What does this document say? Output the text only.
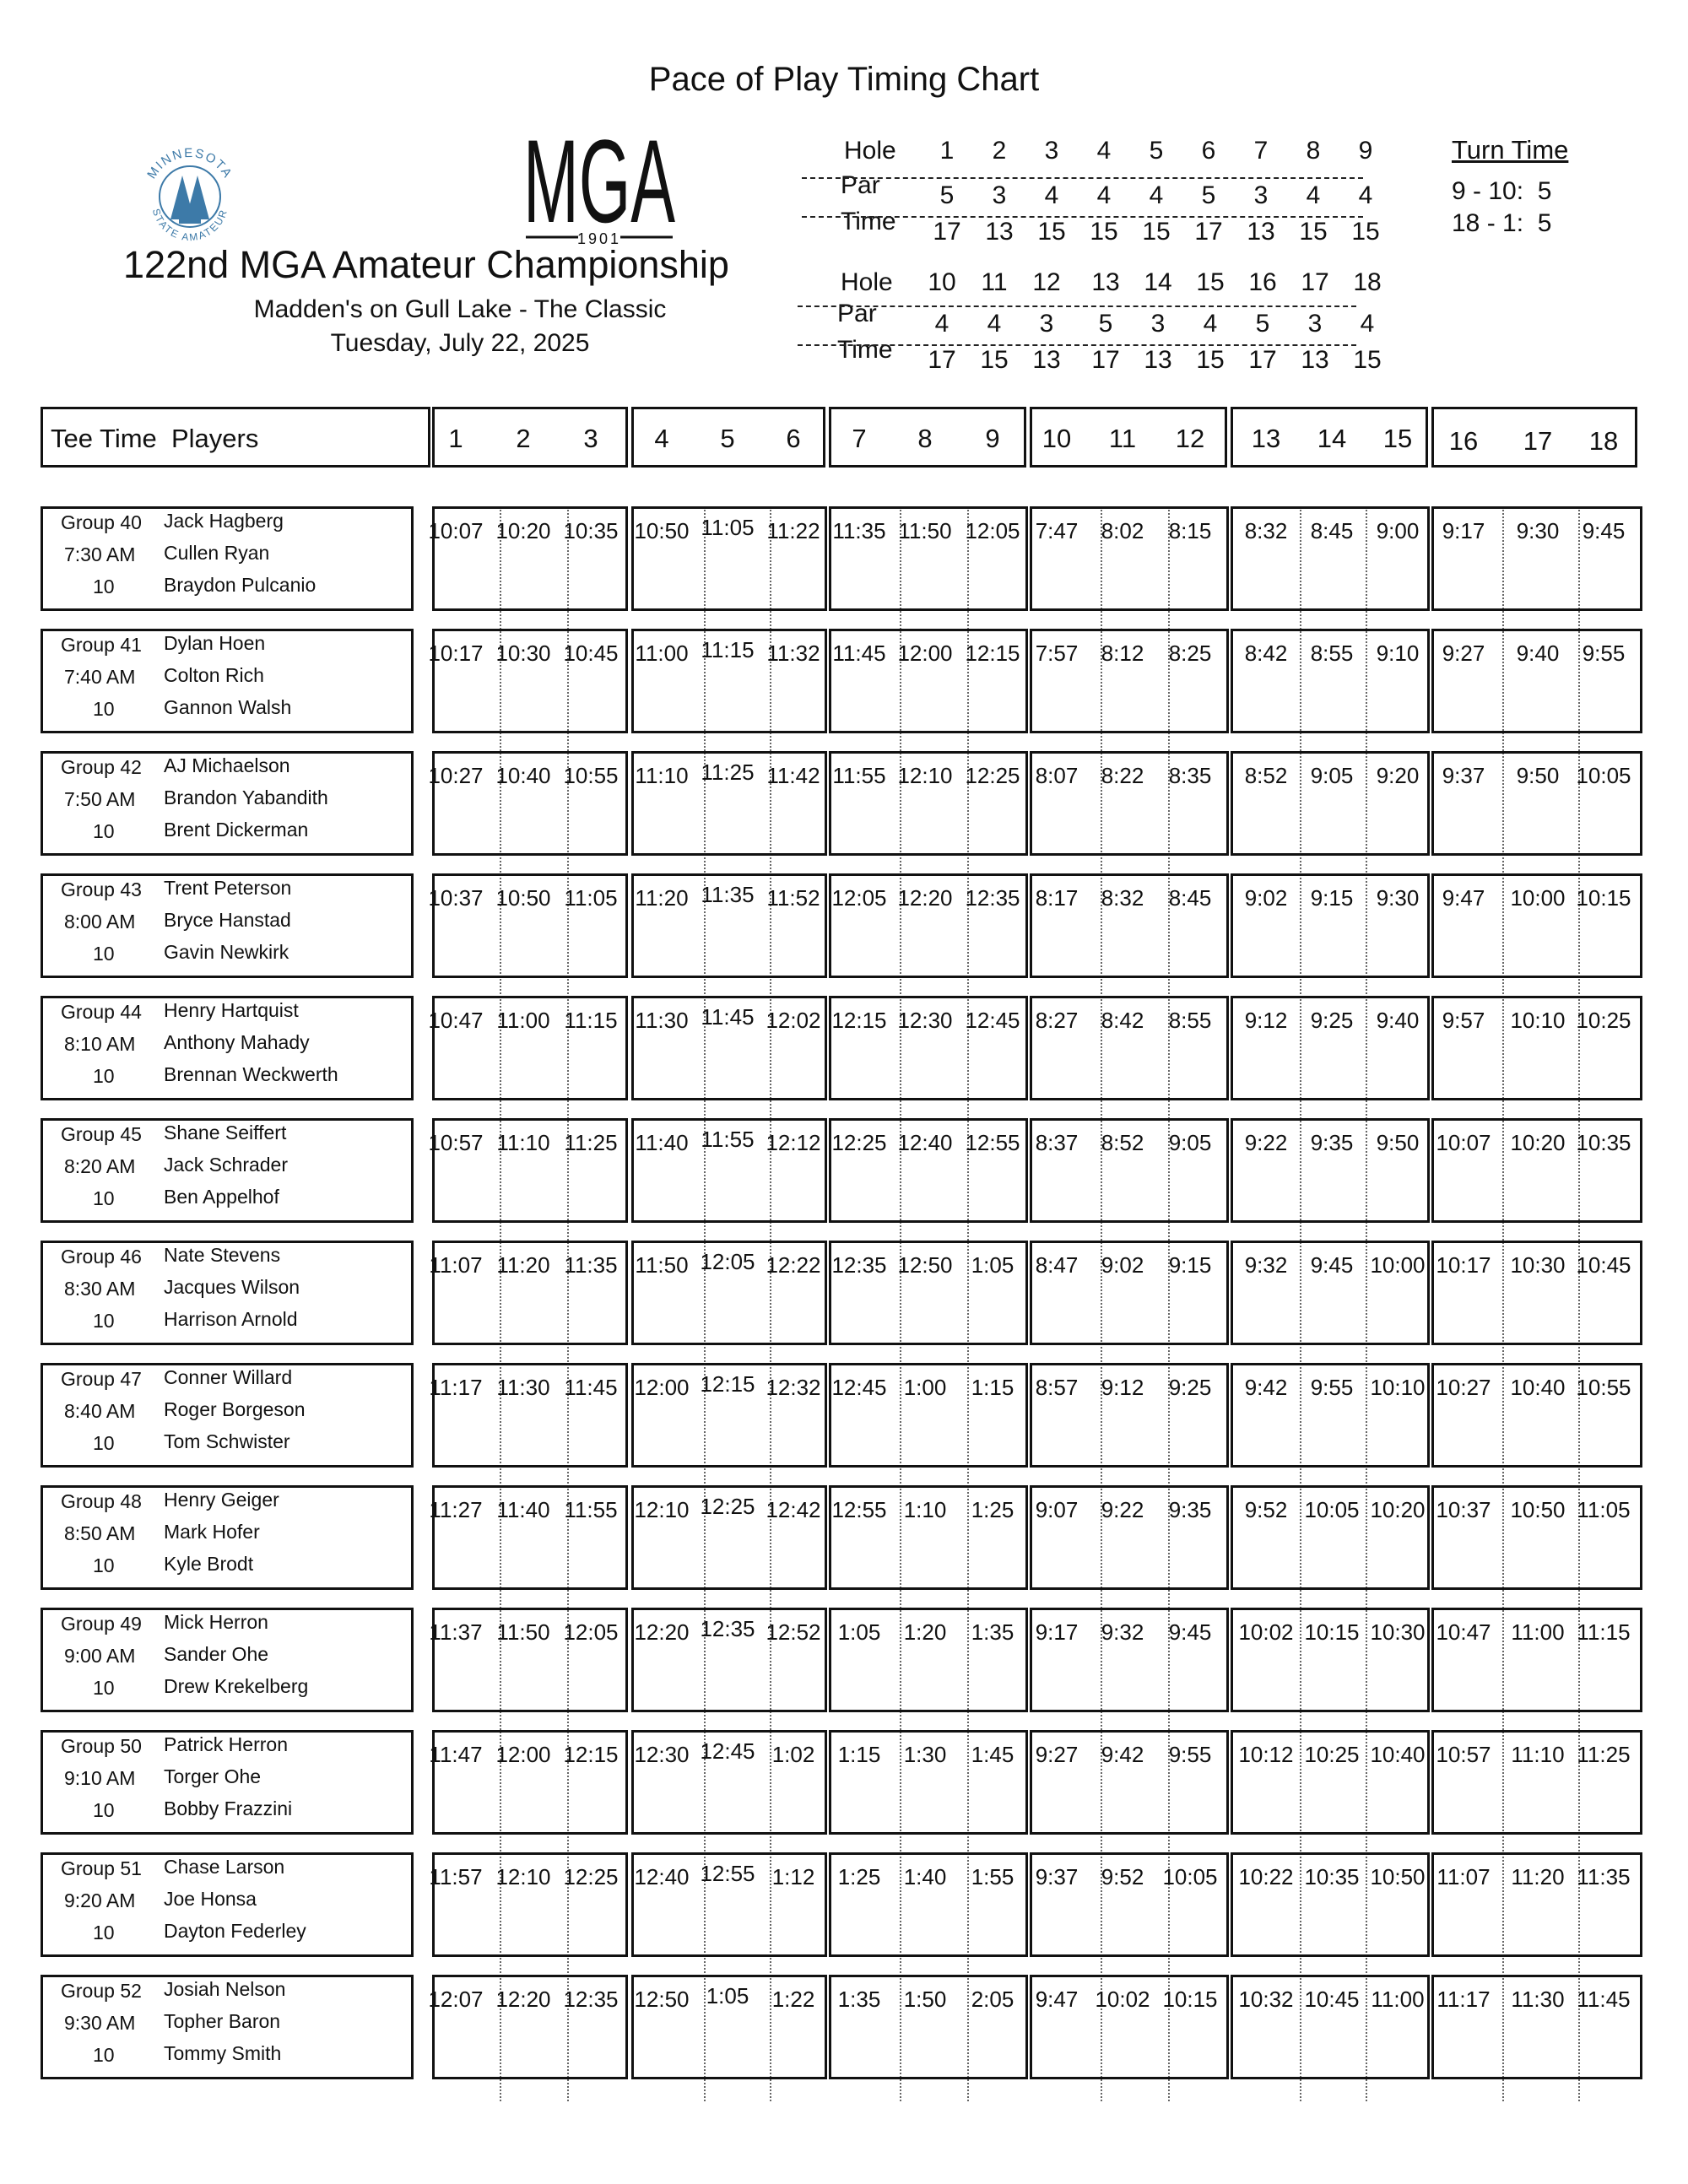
Pace of Play Timing Chart
MINNESOTA
STATE AMATEUR MGA
1901
122nd MGA Amateur Championship
Madden's on Gull Lake - The Classic
Tuesday, July 22, 2025
Hole
Par
Time
1	2	3	4	5	6	7	8	9
5	3	4	4	4	5	3	4	4
17 13 15 15 15 17 13 15 15
Hole
Par
Time
10 11 12 13 14 15 16 17 18
4	4	3	5	3	4	5	3	4
17 15 13 17 13 15 17 13 15
Turn Time
9 - 10:  5
18 - 1:  5
Tee Time  Players	1	2	3	4	5	6	7	8	9	10	11	12	13	14	15	16	17	18
Group 40
7:30 AM
10
Jack Hagberg
Cullen Ryan
Braydon Pulcanio
10:07 10:20 10:35 10:50 11:05 11:22 11:35 11:50 12:05 7:47	8:02	8:15	8:32	8:45	9:00	9:17	9:30	9:45
Group 41
7:40 AM
10
Dylan Hoen
Colton Rich
Gannon Walsh
10:17 10:30 10:45 11:00 11:15 11:32 11:45 12:00 12:15 7:57	8:12	8:25	8:42	8:55	9:10	9:27	9:40	9:55
Group 42
7:50 AM
10
AJ Michaelson
Brandon Yabandith
Brent Dickerman
10:27 10:40 10:55 11:10 11:25 11:42 11:55 12:10 12:25 8:07	8:22	8:35	8:52	9:05	9:20	9:37	9:50 10:05
Group 43
8:00 AM
10
Trent Peterson
Bryce Hanstad
Gavin Newkirk
10:37 10:50 11:05 11:20 11:35 11:52 12:05 12:20 12:35 8:17	8:32	8:45	9:02	9:15	9:30	9:47	10:00 10:15
Group 44
8:10 AM
10
Henry Hartquist
Anthony Mahady
Brennan Weckwerth
10:47 11:00 11:15 11:30 11:45 12:02 12:15 12:30 12:45 8:27	8:42	8:55	9:12	9:25	9:40	9:57	10:10 10:25
Group 45
8:20 AM
10
Shane Seiffert
Jack Schrader
Ben Appelhof
10:57 11:10 11:25 11:40 11:55 12:12 12:25 12:40 12:55 8:37	8:52	9:05	9:22	9:35	9:50 10:07 10:20 10:35
Group 46
8:30 AM
10
Nate Stevens
Jacques Wilson
Harrison Arnold
11:07 11:20 11:35 11:50 12:05 12:22 12:35 12:50 1:05 8:47	9:02	9:15	9:32	9:45 10:00 10:17 10:30 10:45
Group 47
8:40 AM
10
Conner Willard
Roger Borgeson
Tom Schwister
11:17 11:30 11:45 12:00 12:15 12:32 12:45 1:00	1:15 8:57	9:12	9:25	9:42	9:55 10:10 10:27 10:40 10:55
Group 48
8:50 AM
10
Henry Geiger
Mark Hofer
Kyle Brodt
11:27 11:40 11:55 12:10 12:25 12:42 12:55 1:10	1:25 9:07	9:22	9:35	9:52 10:05 10:20 10:37 10:50 11:05
Group 49
9:00 AM
10
Mick Herron
Sander Ohe
Drew Krekelberg
11:37 11:50 12:05 12:20 12:35 12:52 1:05	1:20	1:35 9:17	9:32	9:45	10:02 10:15 10:30 10:47 11:00 11:15
Group 50
9:10 AM
10
Patrick Herron
Torger Ohe
Bobby Frazzini
11:47 12:00 12:15 12:30 12:45 1:02	1:15	1:30	1:45 9:27	9:42	9:55	10:12 10:25 10:40 10:57 11:10 11:25
Group 51
9:20 AM
10
Chase Larson
Joe Honsa
Dayton Federley
11:57 12:10 12:25 12:40 12:55 1:12	1:25	1:40	1:55 9:37	9:52 10:05 10:22 10:35 10:50 11:07 11:20 11:35
Group 52
9:30 AM
10
Josiah Nelson
Topher Baron
Tommy Smith
12:07 12:20 12:35 12:50 1:05	1:22	1:35	1:50	2:05 9:47 10:02 10:15 10:32 10:45 11:00 11:17 11:30 11:45
